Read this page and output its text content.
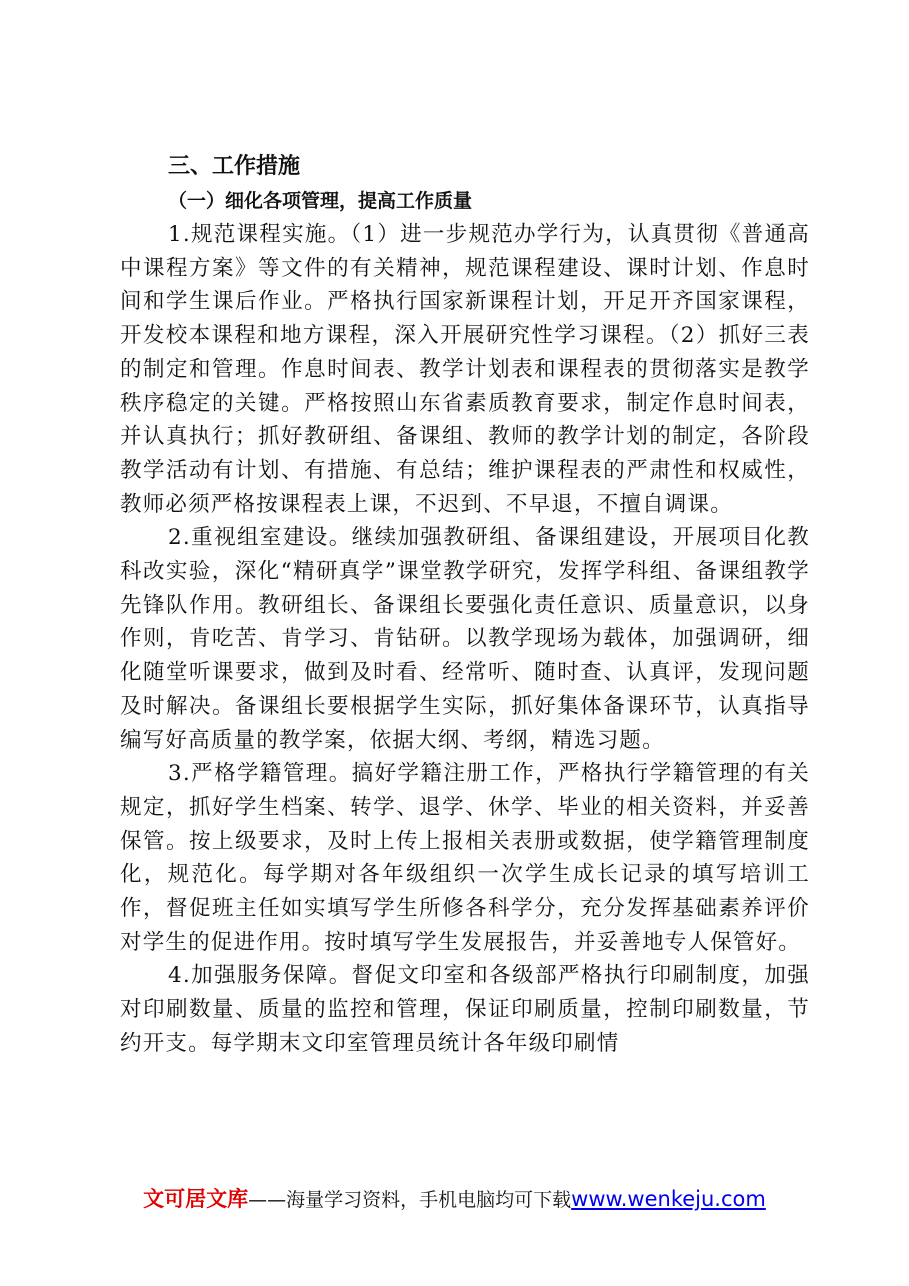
三、工作措施
（一）细化各项管理，提高工作质量

1.规范课程实施。（1）进一步规范办学行为，认真贯彻《普通高中课程方案》等文件的有关精神，规范课程建设、课时计划、作息时间和学生课后作业。严格执行国家新课程计划，开足开齐国家课程，开发校本课程和地方课程，深入开展研究性学习课程。（2）抓好三表的制定和管理。作息时间表、教学计划表和课程表的贯彻落实是教学秩序稳定的关键。严格按照山东省素质教育要求，制定作息时间表，并认真执行；抓好教研组、备课组、教师的教学计划的制定，各阶段教学活动有计划、有措施、有总结；维护课程表的严肃性和权威性，教师必须严格按课程表上课，不迟到、不早退，不擅自调课。

2.重视组室建设。继续加强教研组、备课组建设，开展项目化教科改实验，深化“精研真学”课堂教学研究，发挥学科组、备课组教学先锋队作用。教研组长、备课组长要强化责任意识、质量意识，以身作则，肯吃苦、肯学习、肯钻研。以教学现场为载体，加强调研，细化随堂听课要求，做到及时看、经常听、随时查、认真评，发现问题及时解决。备课组长要根据学生实际，抓好集体备课环节，认真指导编写好高质量的教学案，依据大纲、考纲，精选习题。

3.严格学籍管理。搞好学籍注册工作，严格执行学籍管理的有关规定，抓好学生档案、转学、退学、休学、毕业的相关资料，并妥善保管。按上级要求，及时上传上报相关表册或数据，使学籍管理制度化，规范化。每学期对各年级组织一次学生成长记录的填写培训工作，督促班主任如实填写学生所修各科学分，充分发挥基础素养评价对学生的促进作用。按时填写学生发展报告，并妥善地专人保管好。

4.加强服务保障。督促文印室和各级部严格执行印刷制度，加强对印刷数量、质量的监控和管理，保证印刷质量，控制印刷数量，节约开支。每学期末文印室管理员统计各年级印刷情

文可居文库——海量学习资料，手机电脑均可下载www.wenkeju.com
